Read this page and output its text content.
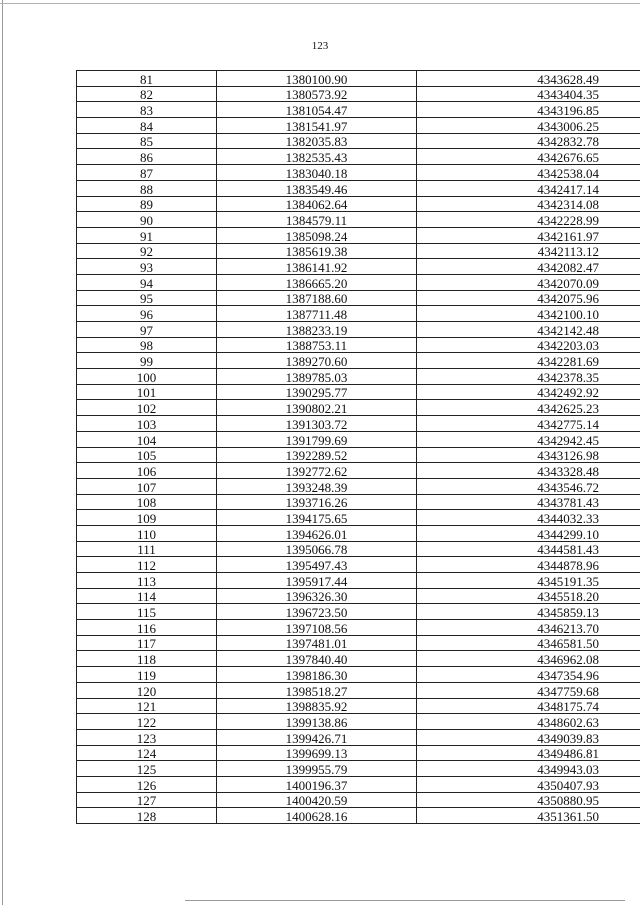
123
81	1380100.90	4343628.49
82	1380573.92	4343404.35
83	1381054.47	4343196.85
84	1381541.97	4343006.25
85	1382035.83	4342832.78
86	1382535.43	4342676.65
87	1383040.18	4342538.04
88	1383549.46	4342417.14
89	1384062.64	4342314.08
90	1384579.11	4342228.99
91	1385098.24	4342161.97
92	1385619.38	4342113.12
93	1386141.92	4342082.47
94	1386665.20	4342070.09
95	1387188.60	4342075.96
96	1387711.48	4342100.10
97	1388233.19	4342142.48
98	1388753.11	4342203.03
99	1389270.60	4342281.69
100	1389785.03	4342378.35
101	1390295.77	4342492.92
102	1390802.21	4342625.23
103	1391303.72	4342775.14
104	1391799.69	4342942.45
105	1392289.52	4343126.98
106	1392772.62	4343328.48
107	1393248.39	4343546.72
108	1393716.26	4343781.43
109	1394175.65	4344032.33
110	1394626.01	4344299.10
111	1395066.78	4344581.43
112	1395497.43	4344878.96
113	1395917.44	4345191.35
114	1396326.30	4345518.20
115	1396723.50	4345859.13
116	1397108.56	4346213.70
117	1397481.01	4346581.50
118	1397840.40	4346962.08
119	1398186.30	4347354.96
120	1398518.27	4347759.68
121	1398835.92	4348175.74
122	1399138.86	4348602.63
123	1399426.71	4349039.83
124	1399699.13	4349486.81
125	1399955.79	4349943.03
126	1400196.37	4350407.93
127	1400420.59	4350880.95
128	1400628.16	4351361.50
